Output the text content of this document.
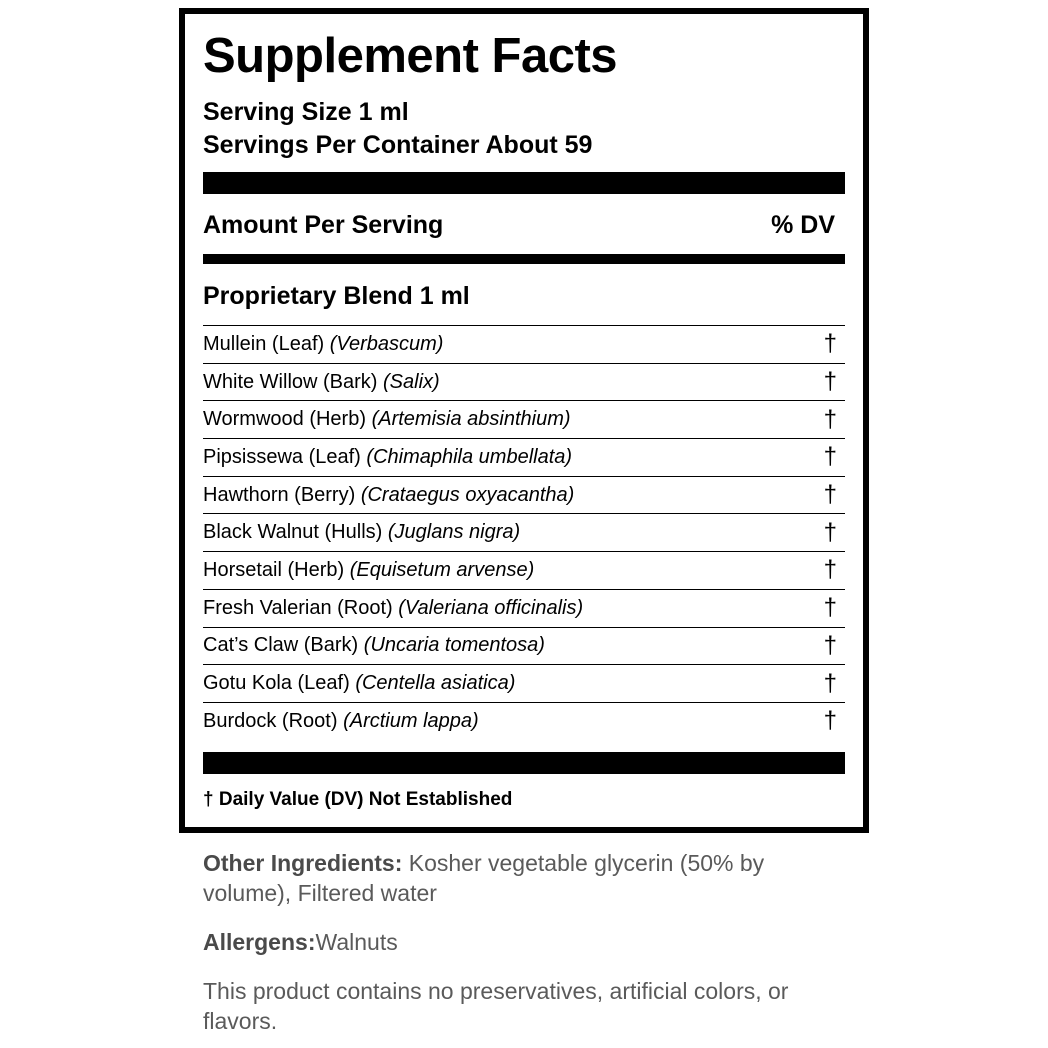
Supplement Facts
Serving Size 1 ml
Servings Per Container About 59
Amount Per Serving	% DV
Proprietary Blend 1 ml
Mullein (Leaf) (Verbascum)	†
White Willow (Bark) (Salix)	†
Wormwood (Herb) (Artemisia absinthium)	†
Pipsissewa (Leaf) (Chimaphila umbellata)	†
Hawthorn (Berry) (Crataegus oxyacantha)	†
Black Walnut (Hulls) (Juglans nigra)	†
Horsetail (Herb) (Equisetum arvense)	†
Fresh Valerian (Root) (Valeriana officinalis)	†
Cat’s Claw (Bark) (Uncaria tomentosa)	†
Gotu Kola (Leaf) (Centella asiatica)	†
Burdock (Root) (Arctium lappa)	†
† Daily Value (DV) Not Established
Other Ingredients: Kosher vegetable glycerin (50% by volume), Filtered water
Allergens:Walnuts
This product contains no preservatives, artificial colors, or flavors.
